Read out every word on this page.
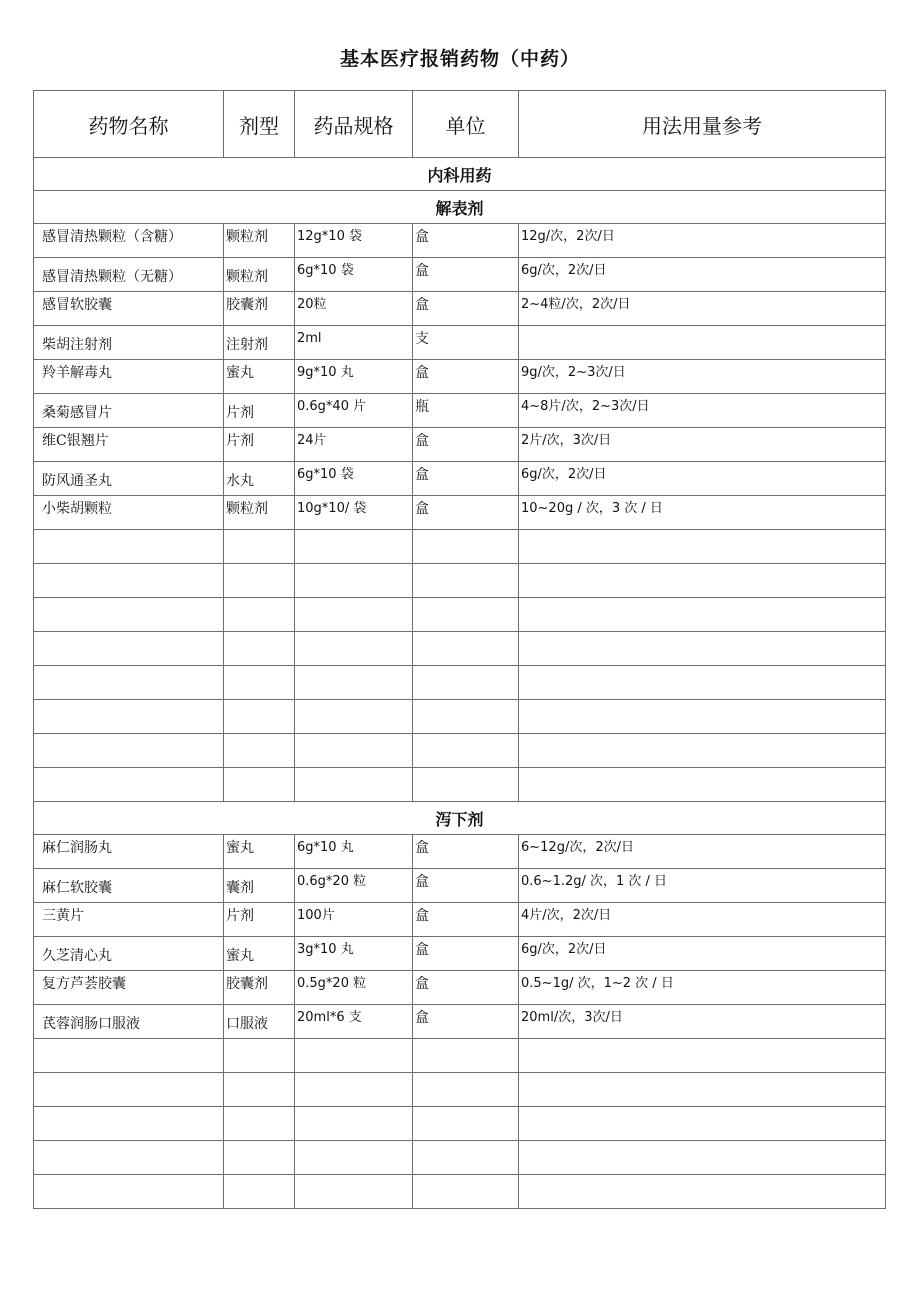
基本医疗报销药物（中药）
药物名称	剂型	药品规格	单位	用法用量参考
内科用药				
解表剂				

感冒清热颗粒（含糖）	颗粒剂	12g*10 袋	盒	12g/次，2次/日

感冒清热颗粒（无糖）	颗粒剂	6g*10 袋	盒	6g/次，2次/日

感冒软胶囊	胶囊剂	20粒	盒	2~4粒/次，2次/日

柴胡注射剂	注射剂	2ml	支	

羚羊解毒丸	蜜丸	9g*10 丸	盒	9g/次，2~3次/日

桑菊感冒片	片剂	0.6g*40 片	瓶	4~8片/次，2~3次/日

维C银翘片	片剂	24片	盒	2片/次，3次/日

防风通圣丸	水丸	6g*10 袋	盒	6g/次，2次/日

小柴胡颗粒	颗粒剂	10g*10/ 袋	盒	10~20g / 次，3 次 / 日

泻下剂				

麻仁润肠丸	蜜丸	6g*10 丸	盒	6~12g/次，2次/日

麻仁软胶囊	囊剂	0.6g*20 粒	盒	0.6~1.2g/ 次，1 次 / 日

三黄片	片剂	100片	盒	4片/次，2次/日

久芝清心丸	蜜丸	3g*10 丸	盒	6g/次，2次/日

复方芦荟胶囊	胶囊剂	0.5g*20 粒	盒	0.5~1g/ 次，1~2 次 / 日

芪蓉润肠口服液	口服液	20ml*6 支	盒	20ml/次，3次/日
